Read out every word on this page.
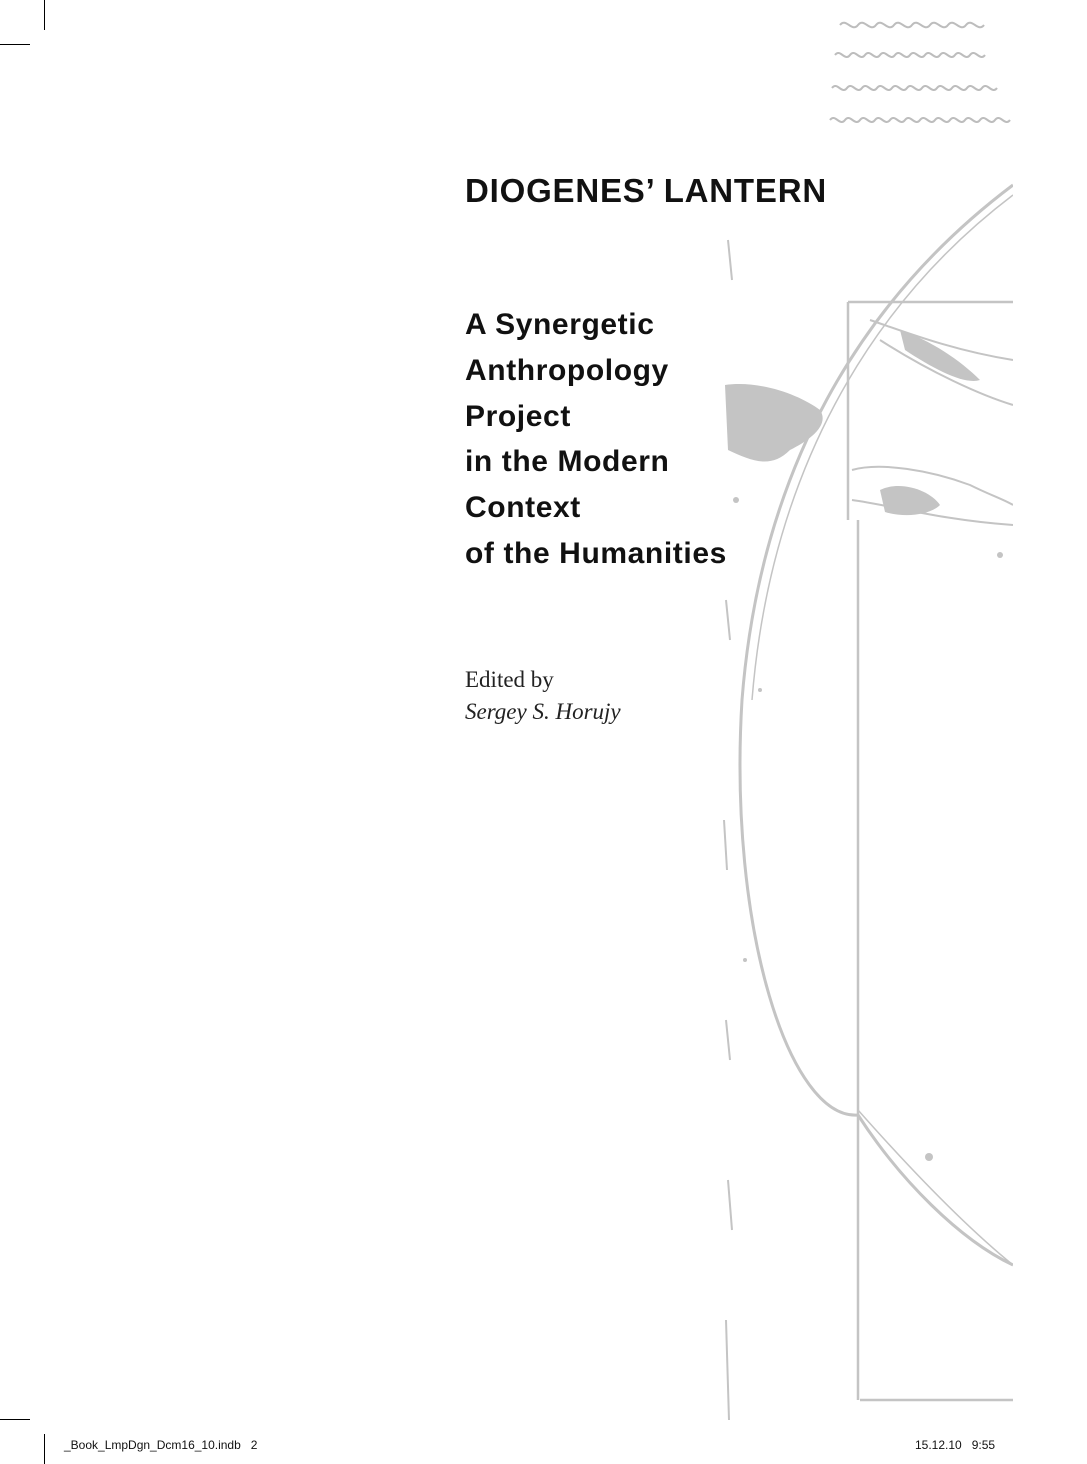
DIOGENES’ LANTERN
A Synergetic
Anthropology
Project
in the Modern
Context
of the Humanities
Edited by
Sergey S. Horujy
_Book_LmpDgn_Dcm16_10.indb   2	15.12.10   9:55
